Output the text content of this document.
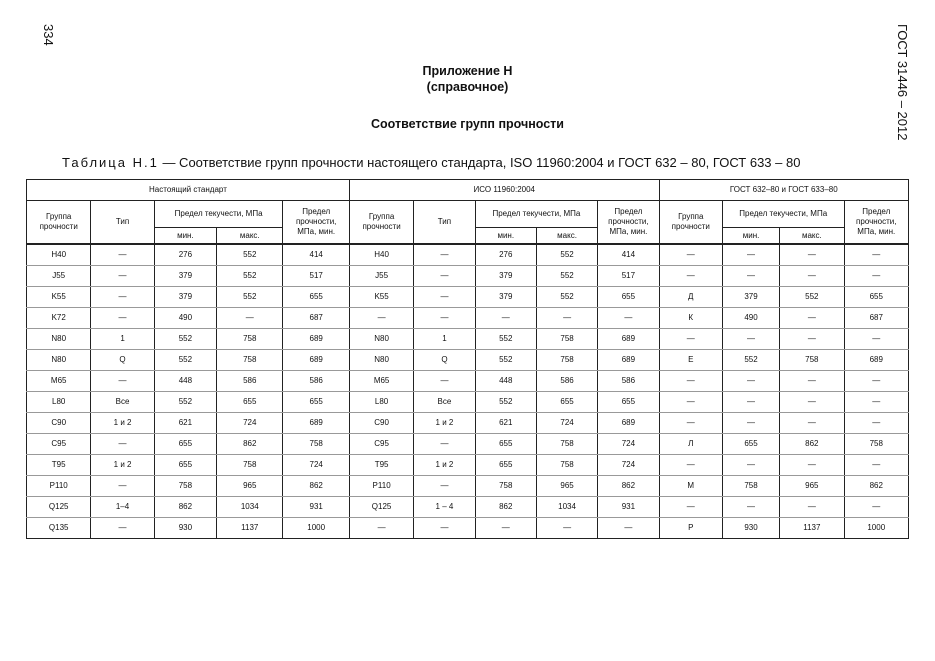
334	ГОСТ 31446 – 2012
Приложение Н
(справочное)
Соответствие групп прочности
Таблица Н.1 — Соответствие групп прочности настоящего стандарта, ISO 11960:2004 и ГОСТ 632 – 80, ГОСТ 633 – 80
Настоящий стандарт					ИСО 11960:2004					ГОСТ 632–80 и ГОСТ 633–80			
Группа прочности	Тип	Предел текучести, МПа		Предел прочности, МПа, мин.	Группа прочности	Тип	Предел текучести, МПа		Предел прочности, МПа, мин.	Группа прочности	Предел текучести, МПа		Предел прочности, МПа, мин.
		мин.	макс.				мин.	макс.			мин.	макс.	
H40	—	276	552	414	H40	—	276	552	414	—	—	—	—
J55	—	379	552	517	J55	—	379	552	517	—	—	—	—
K55	—	379	552	655	K55	—	379	552	655	Д	379	552	655
K72	—	490	—	687	—	—	—	—	—	К	490	—	687
N80	1	552	758	689	N80	1	552	758	689	—	—	—	—
N80	Q	552	758	689	N80	Q	552	758	689	Е	552	758	689
M65	—	448	586	586	M65	—	448	586	586	—	—	—	—
L80	Все	552	655	655	L80	Все	552	655	655	—	—	—	—
C90	1 и 2	621	724	689	C90	1 и 2	621	724	689	—	—	—	—
C95	—	655	862	758	C95	—	655	758	724	Л	655	862	758
T95	1 и 2	655	758	724	T95	1 и 2	655	758	724	—	—	—	—
P110	—	758	965	862	P110	—	758	965	862	М	758	965	862
Q125	1–4	862	1034	931	Q125	1 – 4	862	1034	931	—	—	—	—
Q135	—	930	1137	1000	—	—	—	—	—	Р	930	1137	1000
